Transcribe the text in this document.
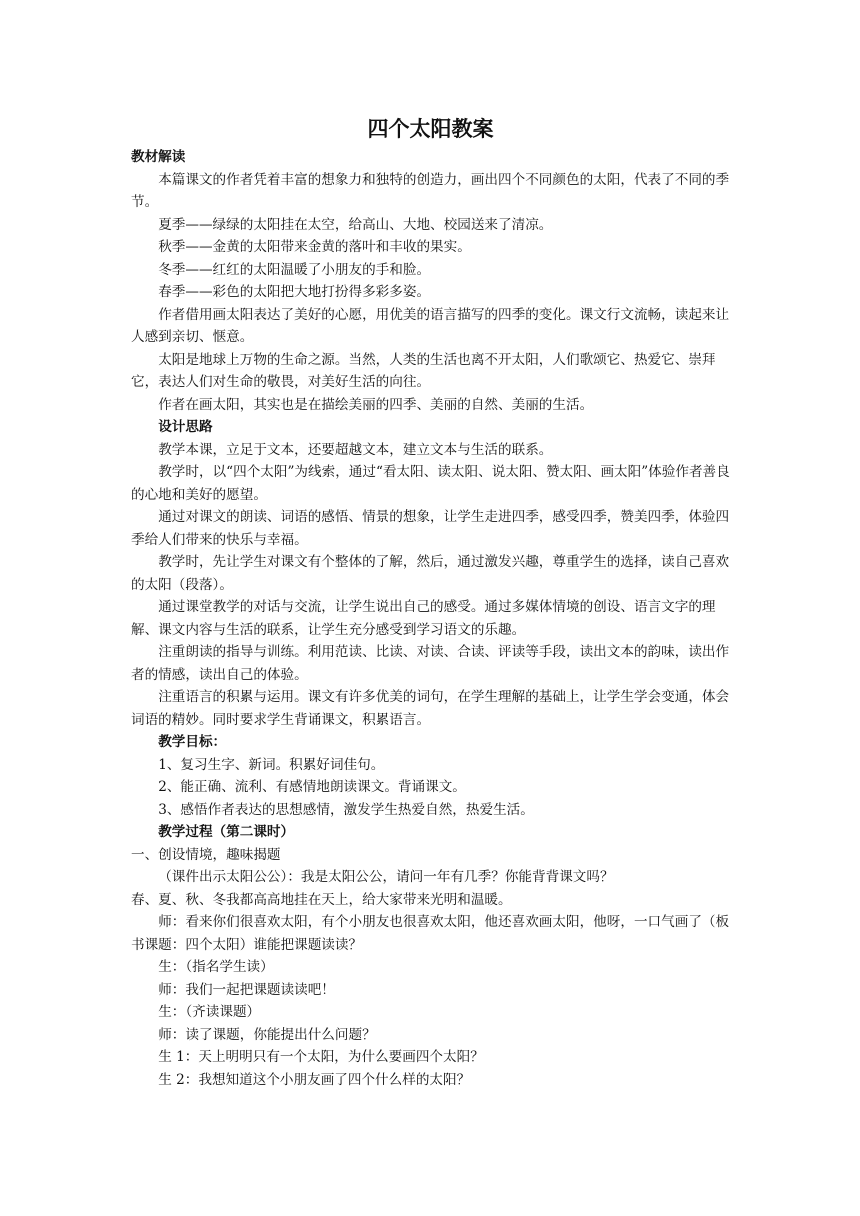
四个太阳教案

教材解读

本篇课文的作者凭着丰富的想象力和独特的创造力，画出四个不同颜色的太阳，代表了不同的季节。

夏季——绿绿的太阳挂在太空，给高山、大地、校园送来了清凉。

秋季——金黄的太阳带来金黄的落叶和丰收的果实。

冬季——红红的太阳温暖了小朋友的手和脸。

春季——彩色的太阳把大地打扮得多彩多姿。

作者借用画太阳表达了美好的心愿，用优美的语言描写的四季的变化。课文行文流畅，读起来让人感到亲切、惬意。

太阳是地球上万物的生命之源。当然，人类的生活也离不开太阳，人们歌颂它、热爱它、崇拜它，表达人们对生命的敬畏，对美好生活的向往。

作者在画太阳，其实也是在描绘美丽的四季、美丽的自然、美丽的生活。

设计思路

教学本课，立足于文本，还要超越文本，建立文本与生活的联系。

教学时，以“四个太阳”为线索，通过“看太阳、读太阳、说太阳、赞太阳、画太阳”体验作者善良的心地和美好的愿望。

通过对课文的朗读、词语的感悟、情景的想象，让学生走进四季，感受四季，赞美四季，体验四季给人们带来的快乐与幸福。

教学时，先让学生对课文有个整体的了解，然后，通过激发兴趣，尊重学生的选择，读自己喜欢的太阳（段落）。

通过课堂教学的对话与交流，让学生说出自己的感受。通过多媒体情境的创设、语言文字的理解、课文内容与生活的联系，让学生充分感受到学习语文的乐趣。

注重朗读的指导与训练。利用范读、比读、对读、合读、评读等手段，读出文本的韵味，读出作者的情感，读出自己的体验。

注重语言的积累与运用。课文有许多优美的词句，在学生理解的基础上，让学生学会变通，体会词语的精妙。同时要求学生背诵课文，积累语言。

教学目标：

1、复习生字、新词。积累好词佳句。

2、能正确、流利、有感情地朗读课文。背诵课文。

3、感悟作者表达的思想感情，激发学生热爱自然，热爱生活。

教学过程（第二课时）

一、创设情境，趣味揭题

（课件出示太阳公公）：我是太阳公公，请问一年有几季？你能背背课文吗？

春、夏、秋、冬我都高高地挂在天上，给大家带来光明和温暖。

师：看来你们很喜欢太阳，有个小朋友也很喜欢太阳，他还喜欢画太阳，他呀，一口气画了（板书课题：四个太阳）谁能把课题读读？

生：（指名学生读）

师：我们一起把课题读读吧！

生：（齐读课题）

师：读了课题，你能提出什么问题？

生 1：天上明明只有一个太阳，为什么要画四个太阳？

生 2：我想知道这个小朋友画了四个什么样的太阳？
